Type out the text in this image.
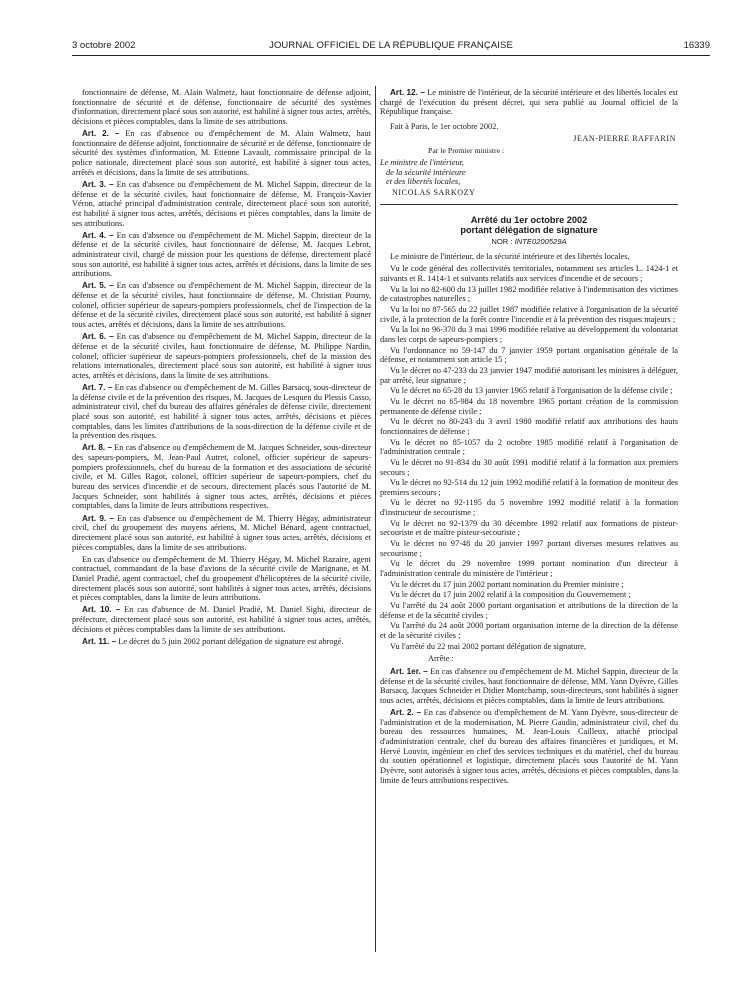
3 octobre 2002	JOURNAL OFFICIEL DE LA RÉPUBLIQUE FRANÇAISE	16339

fonctionnaire de défense, M. Alain Walmetz, haut fonctionnaire de défense adjoint, fonctionnaire de sécurité et de défense, fonctionnaire de sécurité des systèmes d'information, directement placé sous son autorité, est habilité à signer tous actes, arrêtés, décisions et pièces comptables, dans la limite de ses attributions.

Art. 2. – En cas d'absence ou d'empêchement de M. Alain Walmetz, haut fonctionnaire de défense adjoint, fonctionnaire de sécurité et de défense, fonctionnaire de sécurité des systèmes d'information, M. Etienne Lavault, commissaire principal de la police nationale, directement placé sous son autorité, est habilité à signer tous actes, arrêtés et décisions, dans la limite de ses attributions.

Art. 3. – En cas d'absence ou d'empêchement de M. Michel Sappin, directeur de la défense et de la sécurité civiles, haut fonctionnaire de défense, M. François-Xavier Véron, attaché principal d'administration centrale, directement placé sous son autorité, est habilité à signer tous actes, arrêtés, décisions et pièces comptables, dans la limite de ses attributions.

Art. 4. – En cas d'absence ou d'empêchement de M. Michel Sappin, directeur de la défense et de la sécurité civiles, haut fonctionnaire de défense, M. Jacques Lebrot, administrateur civil, chargé de mission pour les questions de défense, directement placé sous son autorité, est habilité à signer tous actes, arrêtés et décisions, dans la limite de ses attributions.

Art. 5. – En cas d'absence ou d'empêchement de M. Michel Sappin, directeur de la défense et de la sécurité civiles, haut fonctionnaire de défense, M. Christian Pourny, colonel, officier supérieur de sapeurs-pompiers professionnels, chef de l'inspection de la défense et de la sécurité civiles, directement placé sous son autorité, est habilité à signer tous actes, arrêtés et décisions, dans la limite de ses attributions.

Art. 6. – En cas d'absence ou d'empêchement de M. Michel Sappin, directeur de la défense et de la sécurité civiles, haut fonctionnaire de défense, M. Philippe Nardin, colonel, officier supérieur de sapeurs-pompiers professionnels, chef de la mission des relations internationales, directement placé sous son autorité, est habilité à signer tous actes, arrêtés et décisions, dans la limite de ses attributions.

Art. 7. – En cas d'absence ou d'empêchement de M. Gilles Barsacq, sous-directeur de la défense civile et de la prévention des risques, M. Jacques de Lesquen du Plessis Casso, administrateur civil, chef du bureau des affaires générales de défense civile, directement placé sous son autorité, est habilité à signer tous actes, arrêtés, décisions et pièces comptables, dans les limites d'attributions de la sous-direction de la défense civile et de la prévention des risques.

Art. 8. – En cas d'absence ou d'empêchement de M. Jacques Schneider, sous-directeur des sapeurs-pompiers, M. Jean-Paul Autret, colonel, officier supérieur de sapeurs-pompiers professionnels, chef du bureau de la formation et des associations de sécurité civile, et M. Gilles Ragot, colonel, officier supérieur de sapeurs-pompiers, chef du bureau des services d'incendie et de secours, directement placés sous l'autorité de M. Jacques Schneider, sont habilités à signer tous actes, arrêtés, décisions et pièces comptables, dans la limite de leurs attributions respectives.

Art. 9. – En cas d'absence ou d'empêchement de M. Thierry Hégay, administrateur civil, chef du groupement des moyens aériens, M. Michel Bénard, agent contractuel, directement placé sous son autorité, est habilité à signer tous actes, arrêtés, décisions et pièces comptables, dans la limite de ses attributions.

En cas d'absence ou d'empêchement de M. Thierry Hégay, M. Michel Razaire, agent contractuel, commandant de la base d'avions de la sécurité civile de Marignane, et M. Daniel Pradié, agent contractuel, chef du groupement d'hélicoptères de la sécurité civile, directement placés sous son autorité, sont habilités à signer tous actes, arrêtés, décisions et pièces comptables, dans la limite de leurs attributions.

Art. 10. – En cas d'absence de M. Daniel Pradié, M. Daniel Sighi, directeur de préfecture, directement placé sous son autorité, est habilité à signer tous actes, arrêtés, décisions et pièces comptables dans la limite de ses attributions.

Art. 11. – Le décret du 5 juin 2002 portant délégation de signature est abrogé.

Art. 12. – Le ministre de l'intérieur, de la sécurité intérieure et des libertés locales est chargé de l'exécution du présent décret, qui sera publié au Journal officiel de la République française.

Fait à Paris, le 1er octobre 2002.

JEAN-PIERRE RAFFARIN
Par le Premier ministre :

Le ministre de l'intérieur,

de la sécurité intérieure

et des libertés locales,

NICOLAS SARKOZY

Arrêté du 1er octobre 2002
portant délégation de signature
NOR : INTE0200529A

Le ministre de l'intérieur, de la sécurité intérieure et des libertés locales,

Vu le code général des collectivités territoriales, notamment ses articles L. 1424-1 et suivants et R. 1414-1 et suivants relatifs aux services d'incendie et de secours ;

Vu la loi no 82-600 du 13 juillet 1982 modifiée relative à l'indemnisation des victimes de catastrophes naturelles ;

Vu la loi no 87-565 du 22 juillet 1987 modifiée relative à l'organisation de la sécurité civile, à la protection de la forêt contre l'incendie et à la prévention des risques majeurs ;

Vu la loi no 96-370 du 3 mai 1996 modifiée relative au développement du volontariat dans les corps de sapeurs-pompiers ;

Vu l'ordonnance no 59-147 du 7 janvier 1959 portant organisation générale de la défense, et notamment son article 15 ;

Vu le décret no 47-233 du 23 janvier 1947 modifié autorisant les ministres à déléguer, par arrêté, leur signature ;

Vu le décret no 65-28 du 13 janvier 1965 relatif à l'organisation de la défense civile ;

Vu le décret no 65-984 du 18 novembre 1965 portant création de la commission permanente de défense civile ;

Vu le décret no 80-243 du 3 avril 1980 modifié relatif aux attributions des hauts fonctionnaires de défense ;

Vu le décret no 85-1057 du 2 octobre 1985 modifié relatif à l'organisation de l'administration centrale ;

Vu le décret no 91-834 du 30 août 1991 modifié relatif à la formation aux premiers secours ;

Vu le décret no 92-514 du 12 juin 1992 modifié relatif à la formation de moniteur des premiers secours ;

Vu le décret no 92-1195 du 5 novembre 1992 modifié relatif à la formation d'instructeur de secourisme ;

Vu le décret no 92-1379 du 30 décembre 1992 relatif aux formations de pisteur-secouriste et de maître pisteur-secouriste ;

Vu le décret no 97-48 du 20 janvier 1997 portant diverses mesures relatives au secourisme ;

Vu le décret du 29 novembre 1999 portant nomination d'un directeur à l'administration centrale du ministère de l'intérieur ;

Vu le décret du 17 juin 2002 portant nomination du Premier ministre ;

Vu le décret du 17 juin 2002 relatif à la composition du Gouvernement ;

Vu l'arrêté du 24 août 2000 portant organisation et attributions de la direction de la défense et de la sécurité civiles ;

Vu l'arrêté du 24 août 2000 portant organisation interne de la direction de la défense et de la sécurité civiles ;

Vu l'arrêté du 22 mai 2002 portant délégation de signature,

Arrête :

Art. 1er. – En cas d'absence ou d'empêchement de M. Michel Sappin, directeur de la défense et de la sécurité civiles, haut fonctionnaire de défense, MM. Yann Dyèvre, Gilles Barsacq, Jacques Schneider et Didier Montchamp, sous-directeurs, sont habilités à signer tous actes, arrêtés, décisions et pièces comptables, dans la limite de leurs attributions.

Art. 2. – En cas d'absence ou d'empêchement de M. Yann Dyèvre, sous-directeur de l'administration et de la modernisation, M. Pierre Gaudin, administrateur civil, chef du bureau des ressources humaines, M. Jean-Louis Cailleux, attaché principal d'administration centrale, chef du bureau des affaires financières et juridiques, et M. Hervé Louvin, ingénieur en chef des services techniques et du matériel, chef du bureau du soutien opérationnel et logistique, directement placés sous l'autorité de M. Yann Dyèvre, sont autorisés à signer tous actes, arrêtés, décisions et pièces comptables, dans la limite de leurs attributions respectives.
